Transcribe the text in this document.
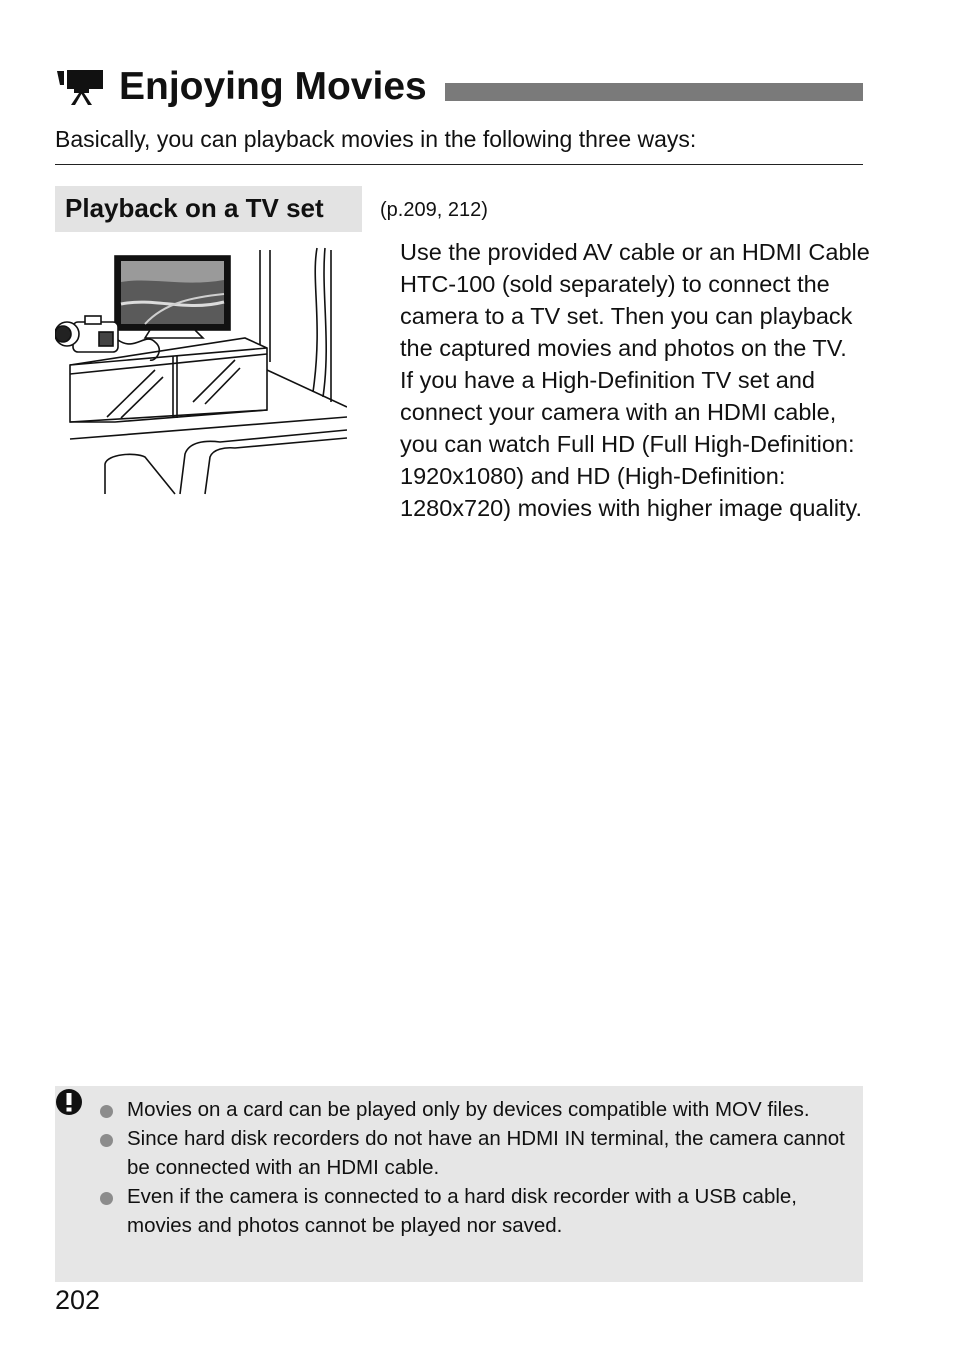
Enjoying Movies
Basically, you can playback movies in the following three ways:
Playback on a TV set	(p.209, 212)

Use the provided AV cable or an HDMI Cable HTC-100 (sold separately) to connect the camera to a TV set. Then you can playback the captured movies and photos on the TV.

If you have a High-Definition TV set and connect your camera with an HDMI cable, you can watch Full HD (Full High-Definition: 1920x1080) and HD (High-Definition: 1280x720) movies with higher image quality.

Movies on a card can be played only by devices compatible with MOV files.
Since hard disk recorders do not have an HDMI IN terminal, the camera cannot be connected with an HDMI cable.
Even if the camera is connected to a hard disk recorder with a USB cable, movies and photos cannot be played nor saved.
202
